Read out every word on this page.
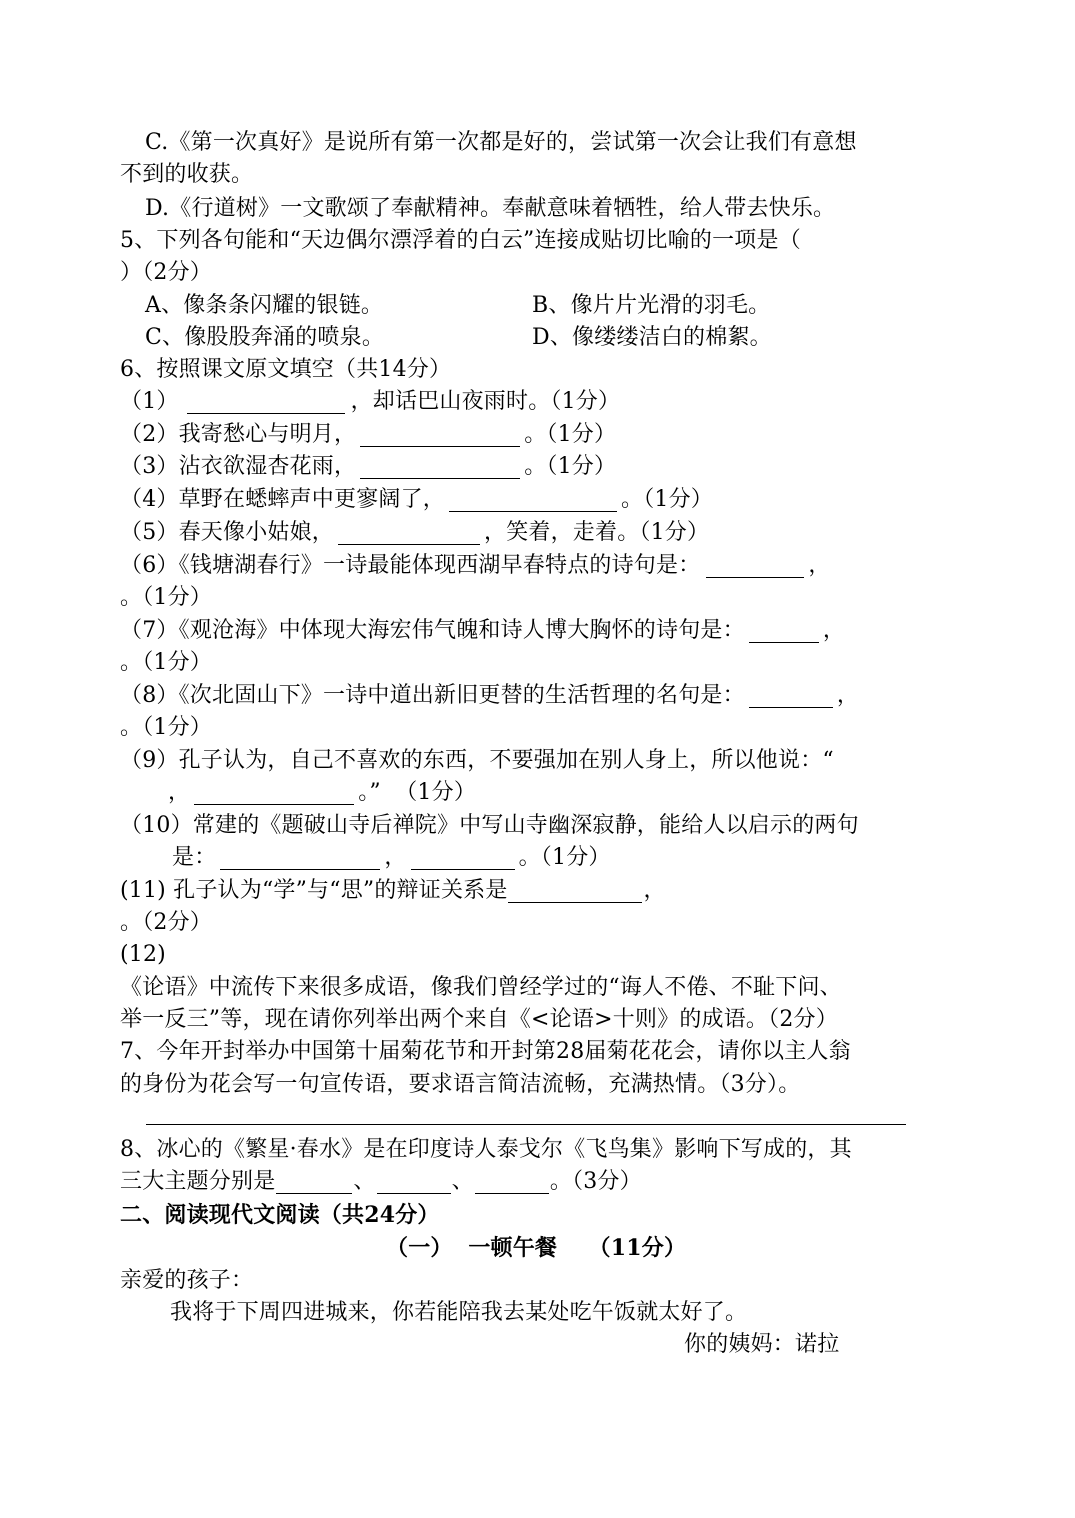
C.《第一次真好》是说所有第一次都是好的，尝试第一次会让我们有意想
不到的收获。
D.《行道树》一文歌颂了奉献精神。奉献意味着牺牲，给人带去快乐。
5、下列各句能和“天边偶尔漂浮着的白云”连接成贴切比喻的一项是（
）（2分）
A、像条条闪耀的银链。	B、像片片光滑的羽毛。
C、像股股奔涌的喷泉。	D、像缕缕洁白的棉絮。
6、按照课文原文填空（共14分）
（1）	，却话巴山夜雨时。（1分）
（2）我寄愁心与明月，	。（1分）
（3）沾衣欲湿杏花雨，	。（1分）
（4）草野在蟋蟀声中更寥阔了，	。（1分）
（5）春天像小姑娘，	，笑着，走着。（1分）
（6）《钱塘湖春行》一诗最能体现西湖早春特点的诗句是：	，
。（1分）
（7）《观沧海》中体现大海宏伟气魄和诗人博大胸怀的诗句是：	，
。（1分）
（8）《次北固山下》一诗中道出新旧更替的生活哲理的名句是：	，
。（1分）
（9）孔子认为，自己不喜欢的东西，不要强加在别人身上，所以他说：“
，	。”  （1分）
（10）常建的《题破山寺后禅院》中写山寺幽深寂静，能给人以启示的两句
是：	，	。（1分）
(11) 孔子认为“学”与“思”的辩证关系是	，
。（2分）
(12)
《论语》中流传下来很多成语，像我们曾经学过的“诲人不倦、不耻下问、
举一反三”等，现在请你列举出两个来自《<论语>十则》的成语。（2分）
7、今年开封举办中国第十届菊花节和开封第28届菊花花会，请你以主人翁
的身份为花会写一句宣传语，要求语言简洁流畅，充满热情。（3分）。
8、冰心的《繁星·春水》是在印度诗人泰戈尔《飞鸟集》影响下写成的，其
三大主题分别是	、	、	。（3分）
二、阅读现代文阅读（共24分）
（一）  一顿午餐    （11分）
亲爱的孩子：
我将于下周四进城来，你若能陪我去某处吃午饭就太好了。
你的姨妈：诺拉
